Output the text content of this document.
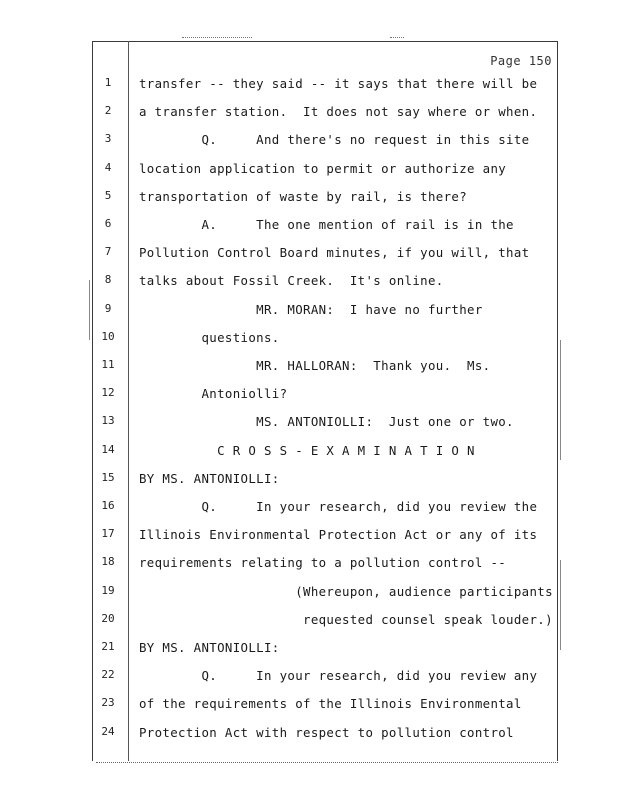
Page 150
1	transfer -- they said -- it says that there will be
2	a transfer station.  It does not say where or when.
3	Q.     And there's no request in this site
4	location application to permit or authorize any
5	transportation of waste by rail, is there?
6	A.     The one mention of rail is in the
7	Pollution Control Board minutes, if you will, that
8	talks about Fossil Creek.  It's online.
9	MR. MORAN:  I have no further
10	questions.
11	MR. HALLORAN:  Thank you.  Ms.
12	Antoniolli?
13	MS. ANTONIOLLI:  Just one or two.
14	C R O S S - E X A M I N A T I O N
15	BY MS. ANTONIOLLI:
16	Q.     In your research, did you review the
17	Illinois Environmental Protection Act or any of its
18	requirements relating to a pollution control --
19	(Whereupon, audience participants
20	requested counsel speak louder.)
21	BY MS. ANTONIOLLI:
22	Q.     In your research, did you review any
23	of the requirements of the Illinois Environmental
24	Protection Act with respect to pollution control
